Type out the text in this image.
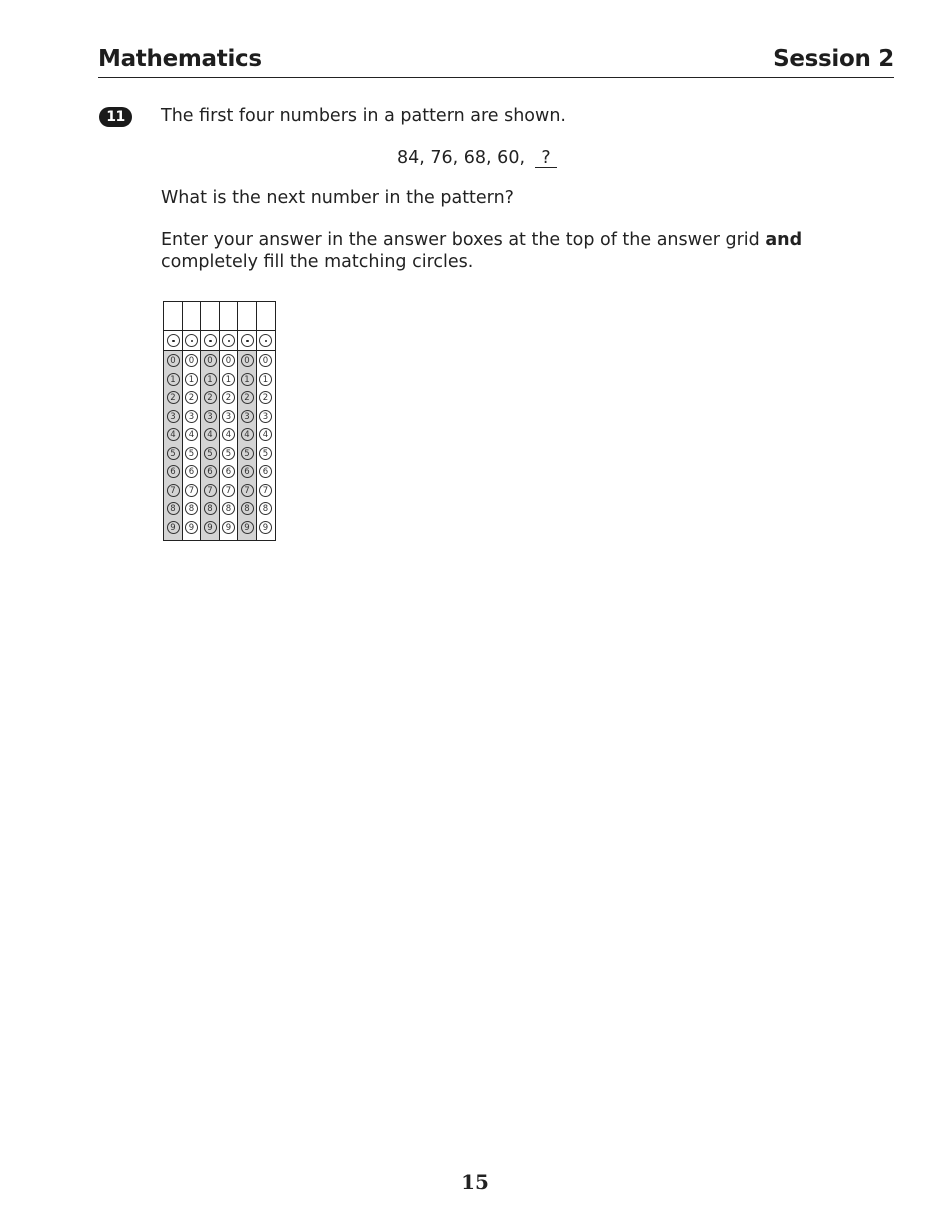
Mathematics	Session 2
11	The first four numbers in a pattern are shown.
84, 76, 68, 60, ?
What is the next number in the pattern?
Enter your answer in the answer boxes at the top of the answer grid and
completely fill the matching circles.
0
1
2
3
4
5
6
7
8
9
0
1
2
3
4
5
6
7
8
9
0
1
2
3
4
5
6
7
8
9
0
1
2
3
4
5
6
7
8
9
0
1
2
3
4
5
6
7
8
9
0
1
2
3
4
5
6
7
8
9
15
